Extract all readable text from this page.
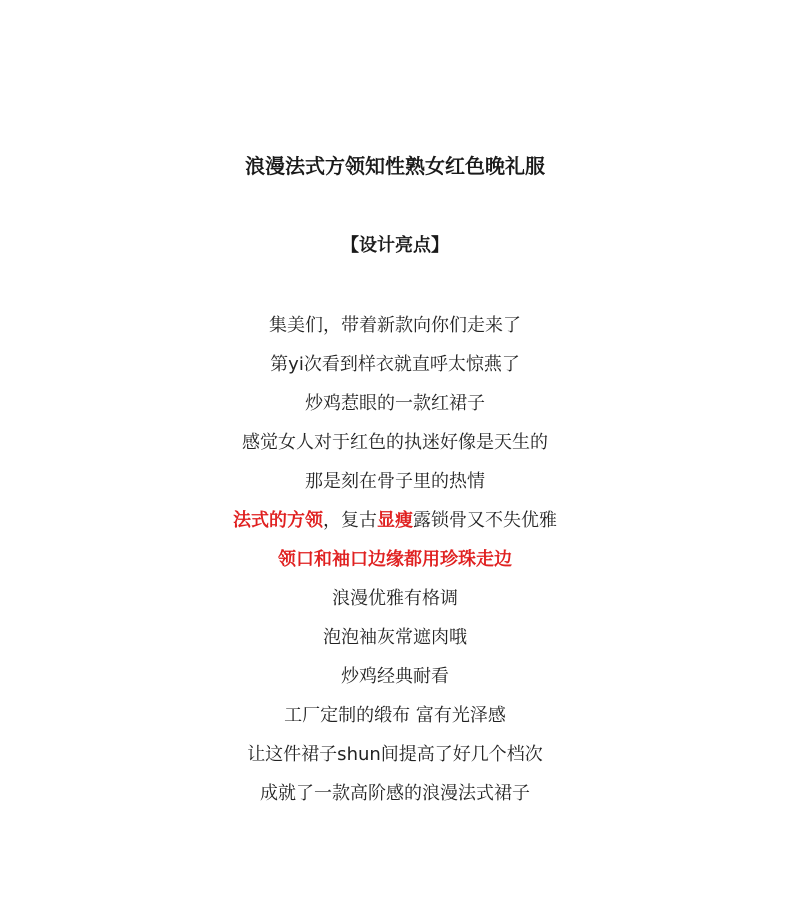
浪漫法式方领知性熟女红色晚礼服
【设计亮点】
集美们，带着新款向你们走来了
第yi次看到样衣就直呼太惊燕了
炒鸡惹眼的一款红裙子
感觉女人对于红色的执迷好像是天生的
那是刻在骨子里的热情
法式的方领，复古显瘦露锁骨又不失优雅
领口和袖口边缘都用珍珠走边
浪漫优雅有格调
泡泡袖灰常遮肉哦
炒鸡经典耐看
工厂定制的缎布 富有光泽感
让这件裙子shun间提高了好几个档次
成就了一款高阶感的浪漫法式裙子
